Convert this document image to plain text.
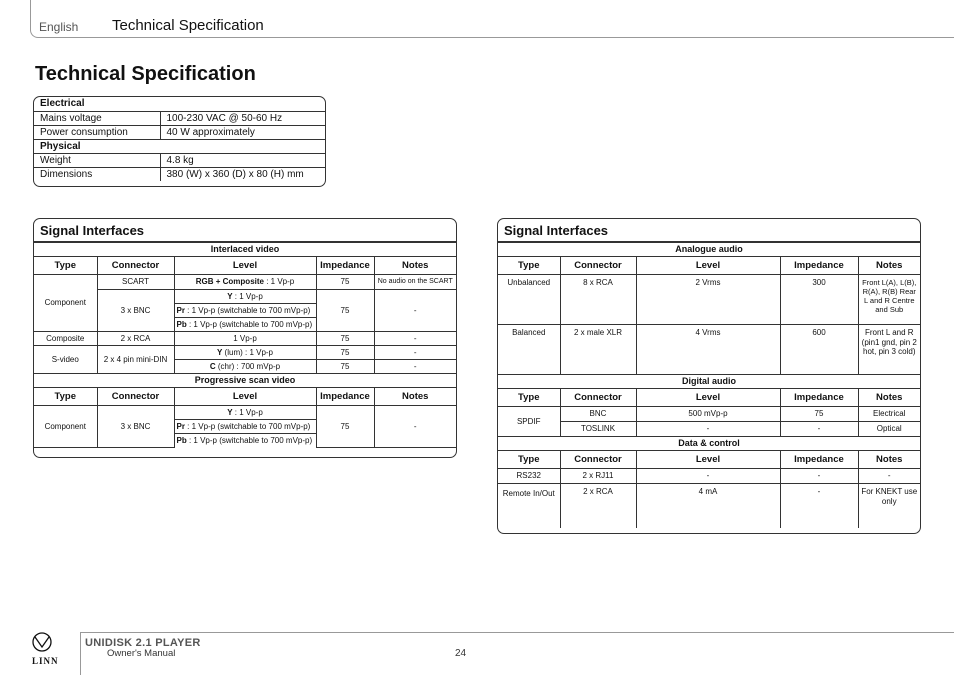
English Technical Specification
Technical Specification
Electrical	
Mains voltage	100-230 VAC @ 50-60 Hz
Power consumption	40 W approximately
Physical	
Weight	4.8 kg
Dimensions	380 (W) x 360 (D) x 80 (H) mm
Signal Interfaces
Interlaced video				
Type	Connector	Level	Impedance	Notes
Component	SCART	RGB + Composite : 1 Vp-p	75	No audio on the SCART
	3 x BNC	Y : 1 Vp-p	75	-
		Pr : 1 Vp-p (switchable to 700 mVp-p)		
		Pb : 1 Vp-p (switchable to 700 mVp-p)		
Composite	2 x RCA	1 Vp-p	75	-
S-video	2 x 4 pin mini-DIN	Y (lum) : 1 Vp-p	75	-
		C (chr) : 700 mVp-p	75	-
Progressive scan video				
Type	Connector	Level	Impedance	Notes
Component	3 x BNC	Y : 1 Vp-p	75	-
		Pr : 1 Vp-p (switchable to 700 mVp-p)		
		Pb : 1 Vp-p (switchable to 700 mVp-p)		
Signal Interfaces
Analogue audio				
Type	Connector	Level	Impedance	Notes
Unbalanced	8 x RCA	2 Vrms	300	Front L(A), L(B), R(A), R(B) Rear L and R Centre and Sub
Balanced	2 x male XLR	4 Vrms	600	Front L and R (pin1 gnd, pin 2 hot, pin 3 cold)
Digital audio				
Type	Connector	Level	Impedance	Notes
SPDIF	BNC	500 mVp-p	75	Electrical
	TOSLINK	-	-	Optical
Data & control				
Type	Connector	Level	Impedance	Notes
RS232	2 x RJ11	-	-	-
Remote In/Out	2 x RCA	4 mA	-	For KNEKT use only
LINN
UNIDISK 2.1 PLAYER
Owner's Manual	24
